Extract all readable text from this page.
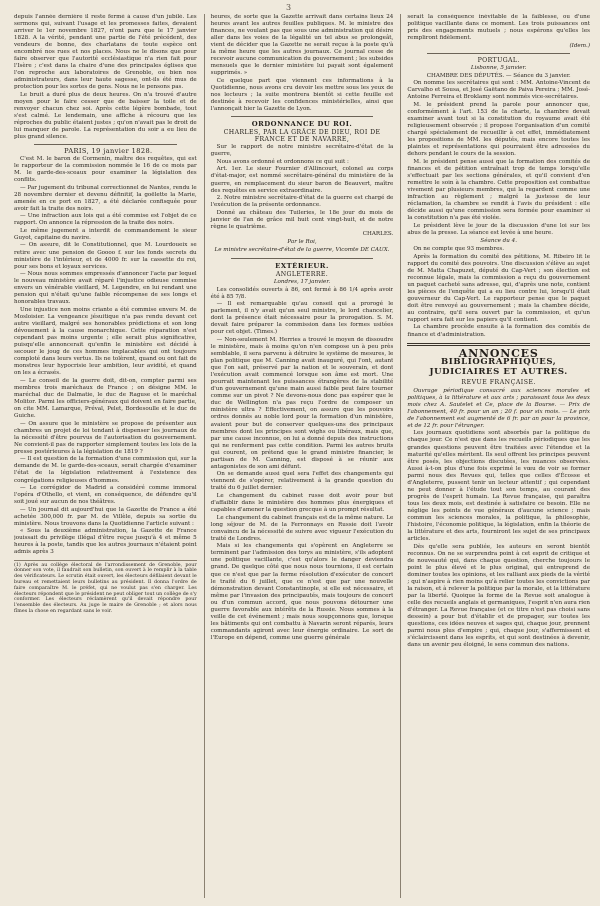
3

depuis l'année dernière il reste fermé à cause d'un jubilé. Les sermons qui, suivant l'usage et les promesses faites, devaient arriver le 1er novembre 1827, n'ont paru que le 17 janvier 1828. A la vérité, pendant une partie de l'été précédent, des vendeurs de bonne, des charlatans de toute espèce ont encombré nos rues et nos places. Nous ne le disons que pour faire observer que l'autorité ecclésiastique n'a rien fait pour l'Isère ; c'est dans la chaire d'une des principales églises que l'on reproche aux laboratoires de Grenoble, ou bien nos administrateurs, dans leur haute sagesse, ont-ils été mus de protection pour les sortes de gens. Nous ne le pensons pas.

Le bruit a duré plus de deux heures. On n'a trouvé d'autre moyen pour le faire cesser que de baisser la toile et de renvoyer chacun chez soi. Après cette légère bombade, tout s'est calmé. Le lendemain, une affiche à récouru que les réproches du public étaient justes ; qu'on n'avait pas le droit de lui manquer de parole. La représentation du soir a eu lieu de plus grand silence.

PARIS, 19 janvier 1828.

C'est M. le baron de Cormenin, maître des requêtes, qui est le rapporteur de la commission nommée le 16 de ce mois par M. le garde-des-sceaux pour examiner la législation des conflits.

— Par jugement du tribunal correctionnel de Nantes, rendu le 28 novembre dernier et devenu définitif, la goëlette la Marie, amenée en ce port en 1827, a été déclarée confisquée pour avoir fait la traite des noirs.

— Une infraction aux lois qui a été commise est l'objet de ce rapport. On annonce la répression de la traite des noirs.

Le même jugement a interdit de commandement le sieur Guyot, capitaine du navire.

— On assure, dit le Constitutionnel, que M. Lourdoueix se retire avec une pension de Goooo f. sur les fonds secrets du ministère de l'intérieur, et de 4000 fr. sur la cassette du roi, pour ses bons et loyaux services.

— Nous nous sommes empressés d'annoncer l'acte par lequel le nouveau ministère avait réparé l'injustice odieuse commise envers un vénérable vieillard, M. Legendre, en lui rendant une pension qui n'était qu'une faible récompense de ses longs et honorables travaux.

Une injustice non moins criante a été commise envers M. de Mosloisier. La vengeance jésuitique n'a pas rendu devant cet autre vieillard, malgré ses honorables prédictions et son long dévouement à la cause monarchique. Cette réparation n'est cependant pas moins urgente ; elle serait plus significative, puisqu'elle annoncerait qu'enfin le ministère est décidé à secouer le joug de ces hommes implacables qui ont toujours comploté dans leurs vertus. Ils ne tolèrent, quand ou ont fait de monstres leur hypocrisie leur ambition, leur avidité, et quand on les a écrasés.

— Le conseil de la guerre doit, dit-on, compter parmi ses membres trois maréchaux de France ; on désigne MM. le maréchal duc de Dalmatie, le duc de Raguse et le maréchal Molitor. Parmi les officiers-généraux qui doivent en faire partie, on cite MM. Lamarque, Préval, Pelet, Bordesoulle et le duc de Guiche.

— On assure que le ministère se propose de présenter aux chambres un projet de loi tendant à dispenser les journaux de la nécessité d'être pourvus de l'autorisation du gouvernement. Ne convient-il pas de rapporter simplement toutes les lois de la presse postérieures à la législation de 1819 ?

— Il est question de la formation d'une commission qui, sur la demande de M. le garde-des-sceaux, serait chargée d'examiner l'état de la législation relativement à l'existence des congrégations religieuses d'hommes.

— Le corrégidor de Madrid a considéré comme immoral l'opéra d'Othello, et vient, en conséquence, de défendre qu'il soit joué sur aucun de nos théâtres.

— Un journal dit aujourd'hui que la Gazette de France a été achetée 300,000 fr. par M. de Villèle, depuis sa sortie du ministère. Nous trouvons dans la Quotidienne l'article suivant :

« Sous la deuxième administration, la Gazette de France jouissait du privilège illégal d'être reçue jusqu'à 4 et même 5 heures à la poste, tandis que les autres journaux n'étaient point admis après 3

(1) Après au collège électoral de l'arrondissement de Grenoble, pour donner son vote, il faudrait son bulletin, son ouvert à le remplir à la table des vérificateurs. Le scrutin était ouvert, les électeurs défilaient devant le bureau et remettaient leurs bulletins au président. Il donna l'ordre de faire comparaître M. le préfet, qui ne voulut pas s'en charger. Les électeurs répondent que le président ne peut obliger tout un collège de s'y conformer. Les électeurs réclamèrent qu'il devait répondre pour l'ensemble des électeurs. Au juge le maire de Grenoble ; et alors nous fîmes la chose en regardant sans le voir.

heures, de sorte que la Gazette arrivait dans certains lieux 24 heures avant les autres feuilles publiques. M. le ministre des finances, ne voulant pas que sous une administration qui désire aller dans les voies de la légalité un tel abus se prolongeât, vient de décider que la Gazette ne serait reçue à la poste qu'à la même heure que les autres journaux. Ce journal cesse de recevoir aucune communication du gouvernement ; les subsides mensuels que le dernier ministère lui payait sont également supprimés. »

Ce quelque part que viennent ces informations à la Quotidienne, nous avons cru devoir les mettre sous les yeux de nos lecteurs ; la suite montrera bientôt si cette feuille est destinée à recevoir les confidences ministérielles, ainsi que l'annonçait hier la Gazette de Lyon.

ORDONNANCE DU ROI.
CHARLES, PAR LA GRÂCE DE DIEU, ROI DE FRANCE ET DE NAVARRE,

Sur le rapport de notre ministre secrétaire-d'état de la guerre,

Nous avons ordonné et ordonnons ce qui suit :

Art. 1er. Le sieur Fournier d'Allincourt, colonel au corps d'état-major, est nommé secrétaire-général du ministère de la guerre, en remplacement du sieur baron de Beauvert, maître des requêtes en service extraordinaire.

2. Notre ministre secrétaire-d'état de la guerre est chargé de l'exécution de la présente ordonnance.

Donné au château des Tuileries, le 18e jour du mois de janvier de l'an de grâce mil huit cent vingt-huit, et de notre règne le quatrième.

CHARLES.
Par le Roi,
Le ministre secrétaire-d'état de la guerre, Vicomte DE CAUX.
EXTÉRIEUR.
ANGLETERRE.
Londres, 17 janvier.

Les consolidés ouverts à 86, ont fermé à 86 1/4 après avoir été à 85 7/8.

— Il est remarquable qu'au conseil qui a prorogé le parlement, il n'y avait qu'un seul ministre, le lord chancelier, dont la présence était nécessaire pour la prorogation. S. M. devait faire préparer la commission dans les formes usitées pour cet objet. (Times.)

— Non-seulement M. Herries a trouvé le moyen de dissoudre le ministère, mais à moins qu'on n'en compose un à peu près semblable, il sera parvenu à détruire le système de mesures, le plan politique que M. Canning avait inauguré, qui l'ont, autant que l'on sait, préservé par la nation et le souverain, et dont l'exécution avait commencé lorsque son âme est mort. Une pourrait maintenant les puissances étrangères de la stabilité d'un gouvernement qu'une main aussi faible peut faire tourner comme sur un pivot ? Ne devons-nous donc pas espérer que le duc de Wellington n'a pas reçu l'ordre de composer un ministère ultra ? Effectivement, on assure que les pouvoirs ordres donnés au noble lord pour la formation d'un ministère, avaient pour but de conserver quelques-uns des principaux membres dont les principes sont wighs ou libéraux, mais que, par une cause inconnue, on lui a donné depuis des instructions qui ne renferment pas cette condition. Parmi les autres bruits qui courent, on prétend que le grand ministre financier, le partisan de M. Canning, est disposé à se réunir aux antagonistes de son ami défunt.

On se demande aussi quel sera l'effet des changements qui viennent de s'opérer, relativement à la grande question du traité du 6 juillet dernier.

Le changement du cabinet russe doit avoir pour but d'affaiblir dans le ministère des hommes plus énergiques et capables d'amener la question grecque à un prompt résultat.

Le changement du cabinet français est de la même nature. Le long séjour de M. de la Ferronnays en Russie doit l'avoir convaincu de la nécessité de suivre avec vigueur l'exécution du traité de Londres.

Mais si les changements qui s'opèrent en Angleterre se terminent par l'admission des torys au ministère, s'ils adoptent une politique vacillante, c'est qu'alors le danger deviendra grand. De quelque côté que nous nous tournions, il est certain que ce n'est que par la ferme résolution d'exécuter de concert le traité du 6 juillet, que ce n'est que par une nouvelle démonstration devant Constantinople, si elle est nécessaire, et même par l'invasion des principautés, mais toujours de concert ou d'un commun accord, que nous pouvons détourner une guerre favorable aux intérêts de la Russie. Nous sommes à la veille de cet événement ; mais nous soupçonnons que, lorsque les bâtiments qui ont combattu à Navarin seront réparés, leurs commandants agiront avec leur énergie ordinaire. Le sort de l'Europe en dépend, comme une guerre générale

serait la conséquence inévitable de la faiblesse, ou d'une politique vacillante dans ce moment. Les trois puissances ont pris des engagements mutuels ; nous espérons qu'elles les rempliront fidèlement.

(Idem.)
PORTUGAL.
Lisbonne, 5 janvier.

CHAMBRE DES DÉPUTÉS. — Séance du 3 janvier.

On nomme les secrétaires qui sont : MM. Antoine-Vincent de Carvalho et Sousa, et José Gaëtano de Paiva Pereira ; MM. José-Antoine Ferreira et Broklamy sont nommés vice-secrétaires.

M. le président prend la parole pour annoncer que, conformément à l'art. 153 de la charte, la chambre devait examiner avant tout si la constitution du royaume avait été religieusement observée ; il propose l'organisation d'un comité chargé spécialement de recueillir à cet effet, immédiatement les propositions de MM. les députés, mais encore toutes les plaintes et représentations qui pourraient être adressées du dehors pendant le cours de la session.

M. le président pense aussi que la formation des comités de finances et de pétition entraînait trop de temps lorsqu'elle s'effectuait par les sections générales, et qu'il convient d'en remettre le soin à la chambre. Cette proposition est combattue vivement par plusieurs membres, qui la regardent comme une infraction au règlement ; malgré la justesse de leur réclamation, la chambre se rendit à l'avis du président : elle décide aussi qu'une commission sera formée pour examiner si la constitution n'a pas été violée.

Le président lève le jour de la discussion d'une loi sur les abus de la presse. La séance est levée à une heure.

Séance du 4.

On ne compte que 93 membres.

Après la formation du comité des pétitions, M. Ribeiro lit le rapport du comité des pouvoirs. Une discussion s'élève au sujet de M. Matta Chapuzet, député du Cap-Vert ; son élection est reconnue légale, mais la commission a reçu du gouvernement un paquet cacheté sans adresse, qui, d'après une note, contient les pièces de l'enquête qui a eu lieu contre lui, lorsqu'il était gouverneur du Cap-Vert. Le rapporteur pense que le paquet doit être renvoyé au gouvernement ; mais la chambre décide, au contraire, qu'il sera ouvert par la commission, et qu'un rapport sera fait sur les papiers qu'il contient.

La chambre procède ensuite à la formation des comités de finance et d'administration.

ANNONCES
BIBLIOGRAPHIQUES, JUDICIAIRES ET AUTRES.
REVUE FRANÇAISE.

Ouvrage périodique consacré aux sciences morales et politiques, à la littérature et aux arts ; paraissant tous les deux mois chez A. Sautelet et Ce, place de la Bourse. — Prix de l'abonnement, 40 fr. pour un an ; 20 f. pour six mois. — Le prix de l'abonnement est augmenté de 6 fr. par an pour la province, et de 12 fr. pour l'étranger.

Les journaux quotidiens sont absorbés par la politique du chaque jour. Ce n'est que dans les recueils périodiques que les grandes questions peuvent être traitées avec l'étendue et la maturité qu'elles méritent. Ils seul offrent les principes peuvent être posés, les objections discutées, les nuances observées. Aussi à-t-on plus d'une fois exprimé le vœu de voir se former parmi nous des Revues qui, telles que celles d'Écosse et d'Angleterre, pussent tenir un lecteur attentif ; qui cependant ne peut donner à l'étude tout son temps, au courant des progrès de l'esprit humain. La Revue française, qui paraîtra tous les deux mois, est destinée à satisfaire ce besoin. Elle ne néglige les points de vue généraux d'aucune science ; mais commun les sciences morales, la politique, la philosophie, l'histoire, l'économie politique, la législation, enfin la théorie de la littérature et des arts, fourniront les sujet de ses principaux articles.

Dès qu'elle sera publiée, les auteurs en seront bientôt reconnus. On ne se surprendra point à cet esprit de critique et de nouveauté qui, dans chaque question, cherche toujours le point le plus élevé et le plus original, qui entreprend de dominer toutes les opinions, et les ralliant aux pieds de la vérité ; qui n'aspire à rien moins qu'à relier toutes les convictions par la raison, et à relever la politique par la morale, et la littérature par la liberté. Quoique la forme de la Revue soit analogue à celle des recueils anglais et germaniques, l'esprit n'en aura rien d'étranger. La Revue française (et ce titre n'est pas choisi sans dessein) a pour but d'établir et de propager, sur toutes les questions, ces idées neuves et sages qui, chaque jour, prennent parmi nous plus d'empire ; qui, chaque jour, s'affermissent et s'éclaircissent dans les esprits, et qui sont destinées à devenir, dans un avenir peu éloigné, le sens commun des nations.
